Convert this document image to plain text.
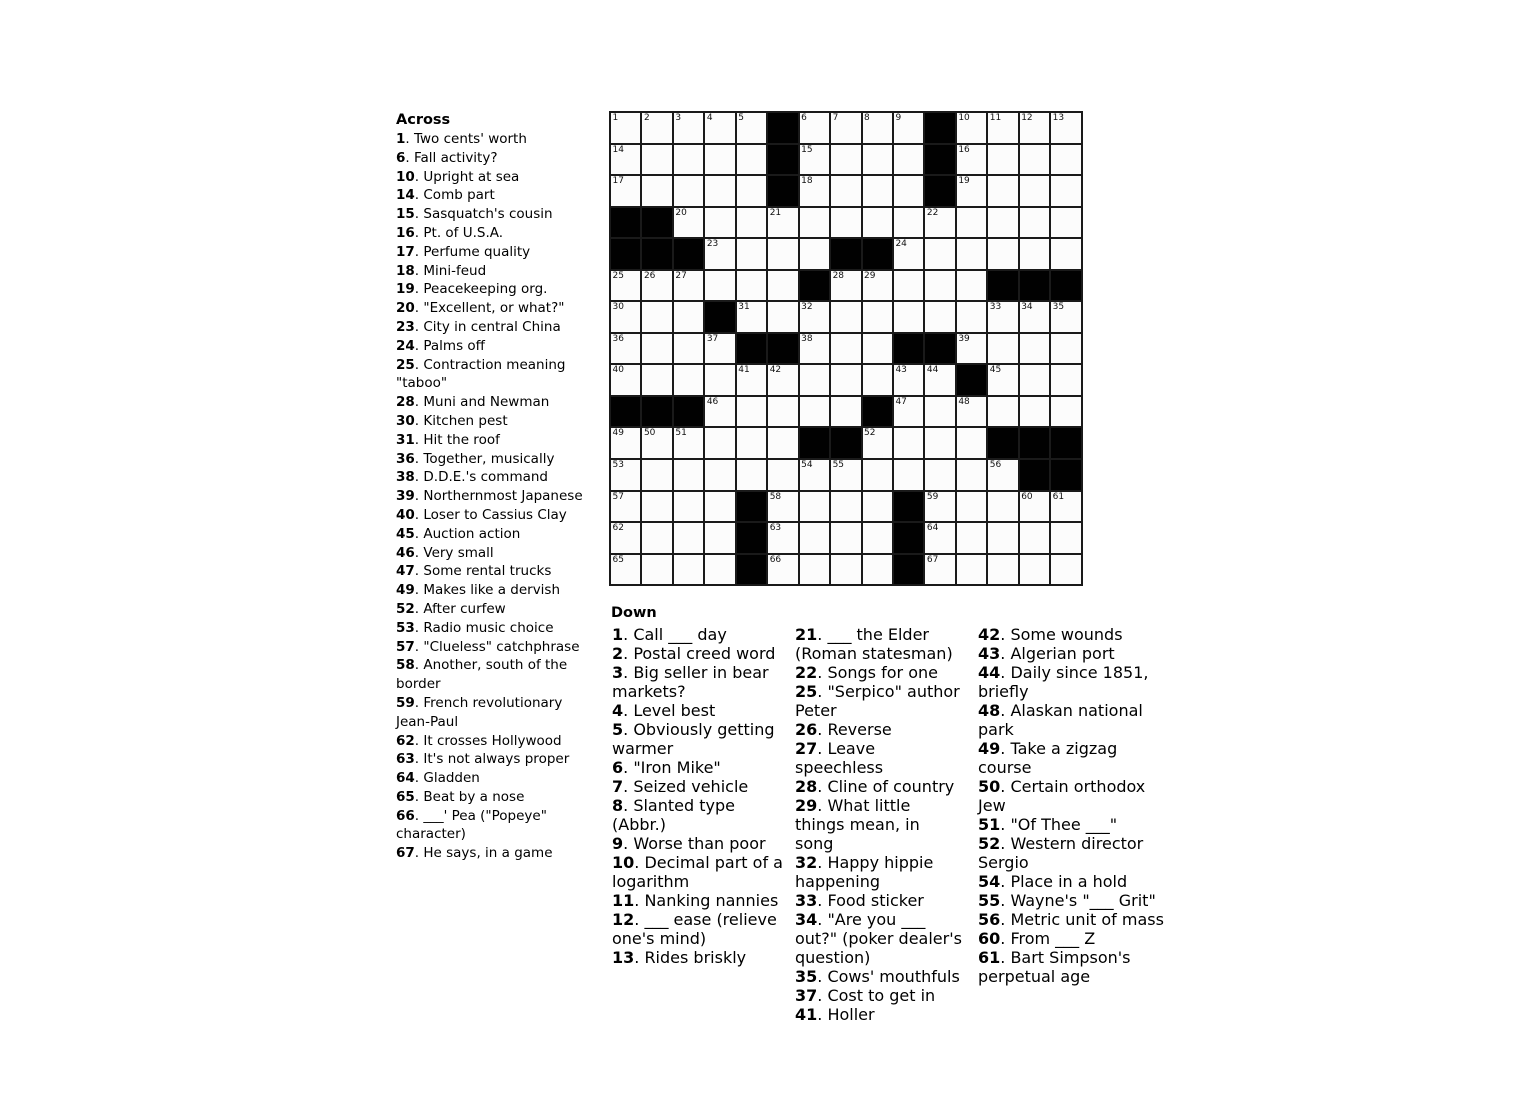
Across
1. Two cents' worth
6. Fall activity?
10. Upright at sea
14. Comb part
15. Sasquatch's cousin
16. Pt. of U.S.A.
17. Perfume quality
18. Mini-feud
19. Peacekeeping org.
20. "Excellent, or what?"
23. City in central China
24. Palms off
25. Contraction meaning "taboo"
28. Muni and Newman
30. Kitchen pest
31. Hit the roof
36. Together, musically
38. D.D.E.'s command
39. Northernmost Japanese
40. Loser to Cassius Clay
45. Auction action
46. Very small
47. Some rental trucks
49. Makes like a dervish
52. After curfew
53. Radio music choice
57. "Clueless" catchphrase
58. Another, south of the border
59. French revolutionary Jean-Paul
62. It crosses Hollywood
63. It's not always proper
64. Gladden
65. Beat by a nose
66. ___' Pea ("Popeye" character)
67. He says, in a game
1	2	3	4	5	6	7	8	9	10 11 12 13
14	15	16
17	18	19
20	21	22
23	24
25 26 27	28 29
30	31	32	33 34 35
36	37	38	39
40	41 42	43 44	45
46	47	48
49 50 51	52
53	54 55	56
57	58	59	60 61
62	63	64
65	66	67
Down
1. Call ___ day
2. Postal creed word
3. Big seller in bear markets?
4. Level best
5. Obviously getting warmer
6. "Iron Mike"
7. Seized vehicle
8. Slanted type (Abbr.)
9. Worse than poor
10. Decimal part of a logarithm
11. Nanking nannies
12. ___ ease (relieve one's mind)
13. Rides briskly
21. ___ the Elder (Roman statesman)
22. Songs for one
25. "Serpico" author Peter
26. Reverse
27. Leave speechless
28. Cline of country
29. What little things mean, in song
32. Happy hippie happening
33. Food sticker
34. "Are you ___ out?" (poker dealer's question)
35. Cows' mouthfuls
37. Cost to get in
41. Holler
42. Some wounds
43. Algerian port
44. Daily since 1851, briefly
48. Alaskan national park
49. Take a zigzag course
50. Certain orthodox Jew
51. "Of Thee ___"
52. Western director Sergio
54. Place in a hold
55. Wayne's "___ Grit"
56. Metric unit of mass
60. From ___ Z
61. Bart Simpson's perpetual age
